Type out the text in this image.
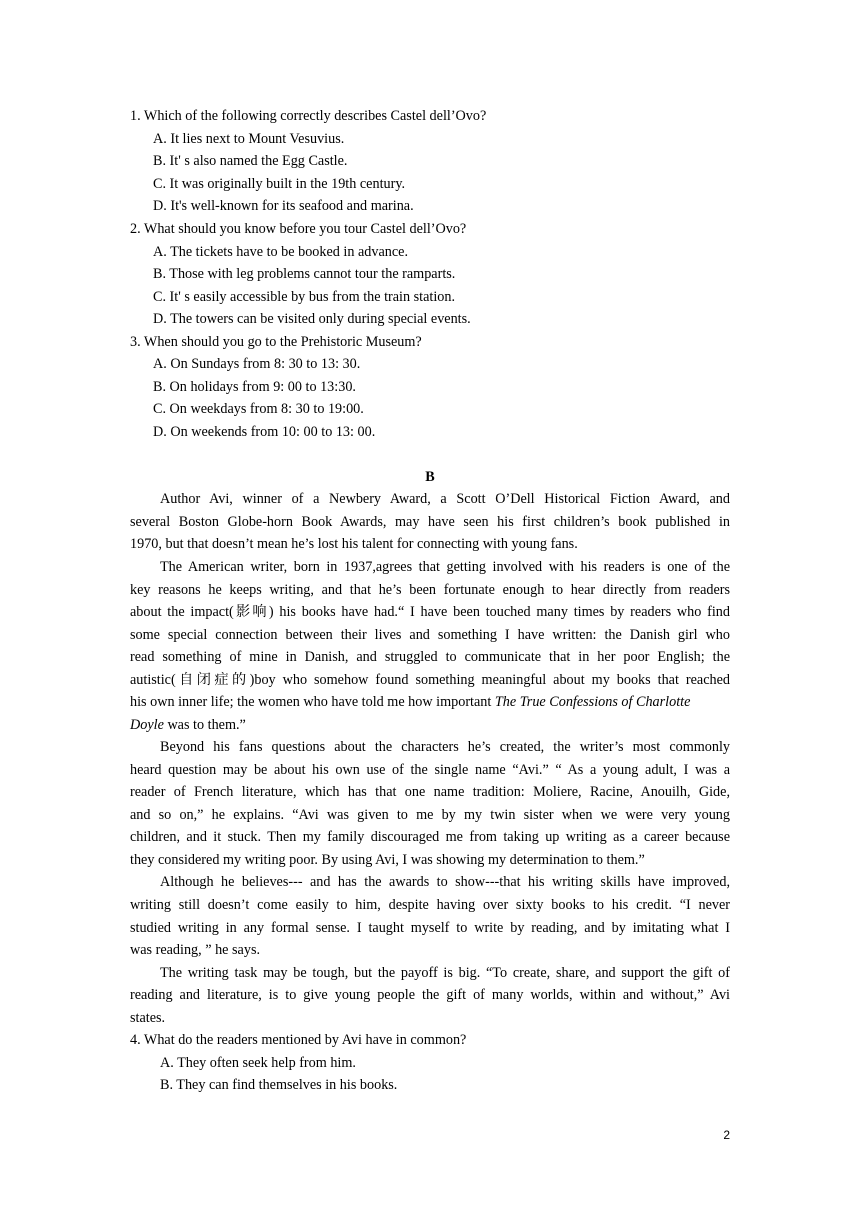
1. Which of the following correctly describes Castel dell’Ovo?
A. It lies next to Mount Vesuvius.
B. It' s also named the Egg Castle.
C. It was originally built in the 19th century.
D. It's well-known for its seafood and marina.
2. What should you know before you tour Castel dell’Ovo?
A. The tickets have to be booked in advance.
B. Those with leg problems cannot tour the ramparts.
C. It' s easily accessible by bus from the train station.
D. The towers can be visited only during special events.
3. When should you go to the Prehistoric Museum?
A. On Sundays from 8: 30 to 13: 30.
B. On holidays from 9: 00 to 13:30.
C. On weekdays from 8: 30 to 19:00.
D. On weekends from 10: 00 to 13: 00.
B
Author Avi, winner of a Newbery Award, a Scott O’Dell Historical Fiction Award, and
several Boston Globe-horn Book Awards, may have seen his first children’s book published in
1970, but that doesn’t mean he’s lost his talent for connecting with young fans.
The American writer, born in 1937,agrees that getting involved with his readers is one of the
key reasons he keeps writing, and that he’s been fortunate enough to hear directly from readers
about the impact(影响) his books have had.“ I have been touched many times by readers who find
some special connection between their lives and something I have written: the Danish girl who
read something of mine in Danish, and struggled to communicate that in her poor English; the
autistic(自闭症的)boy who somehow found something meaningful about my books that reached
his own inner life; the women who have told me how important The True Confessions of Charlotte
Doyle was to them.”
Beyond his fans questions about the characters he’s created, the writer’s most commonly
heard question may be about his own use of the single name “Avi.” “ As a young adult, I was a
reader of French literature, which has that one name tradition: Moliere, Racine, Anouilh, Gide,
and so on,” he explains. “Avi was given to me by my twin sister when we were very young
children, and it stuck. Then my family discouraged me from taking up writing as a career because
they considered my writing poor. By using Avi, I was showing my determination to them.”
Although he believes--- and has the awards to show---that his writing skills have improved,
writing still doesn’t come easily to him, despite having over sixty books to his credit. “I never
studied writing in any formal sense. I taught myself to write by reading, and by imitating what I
was reading, ” he says.
The writing task may be tough, but the payoff is big. “To create, share, and support the gift of
reading and literature, is to give young people the gift of many worlds, within and without,” Avi
states.
4. What do the readers mentioned by Avi have in common?
A. They often seek help from him.
B. They can find themselves in his books.
2
